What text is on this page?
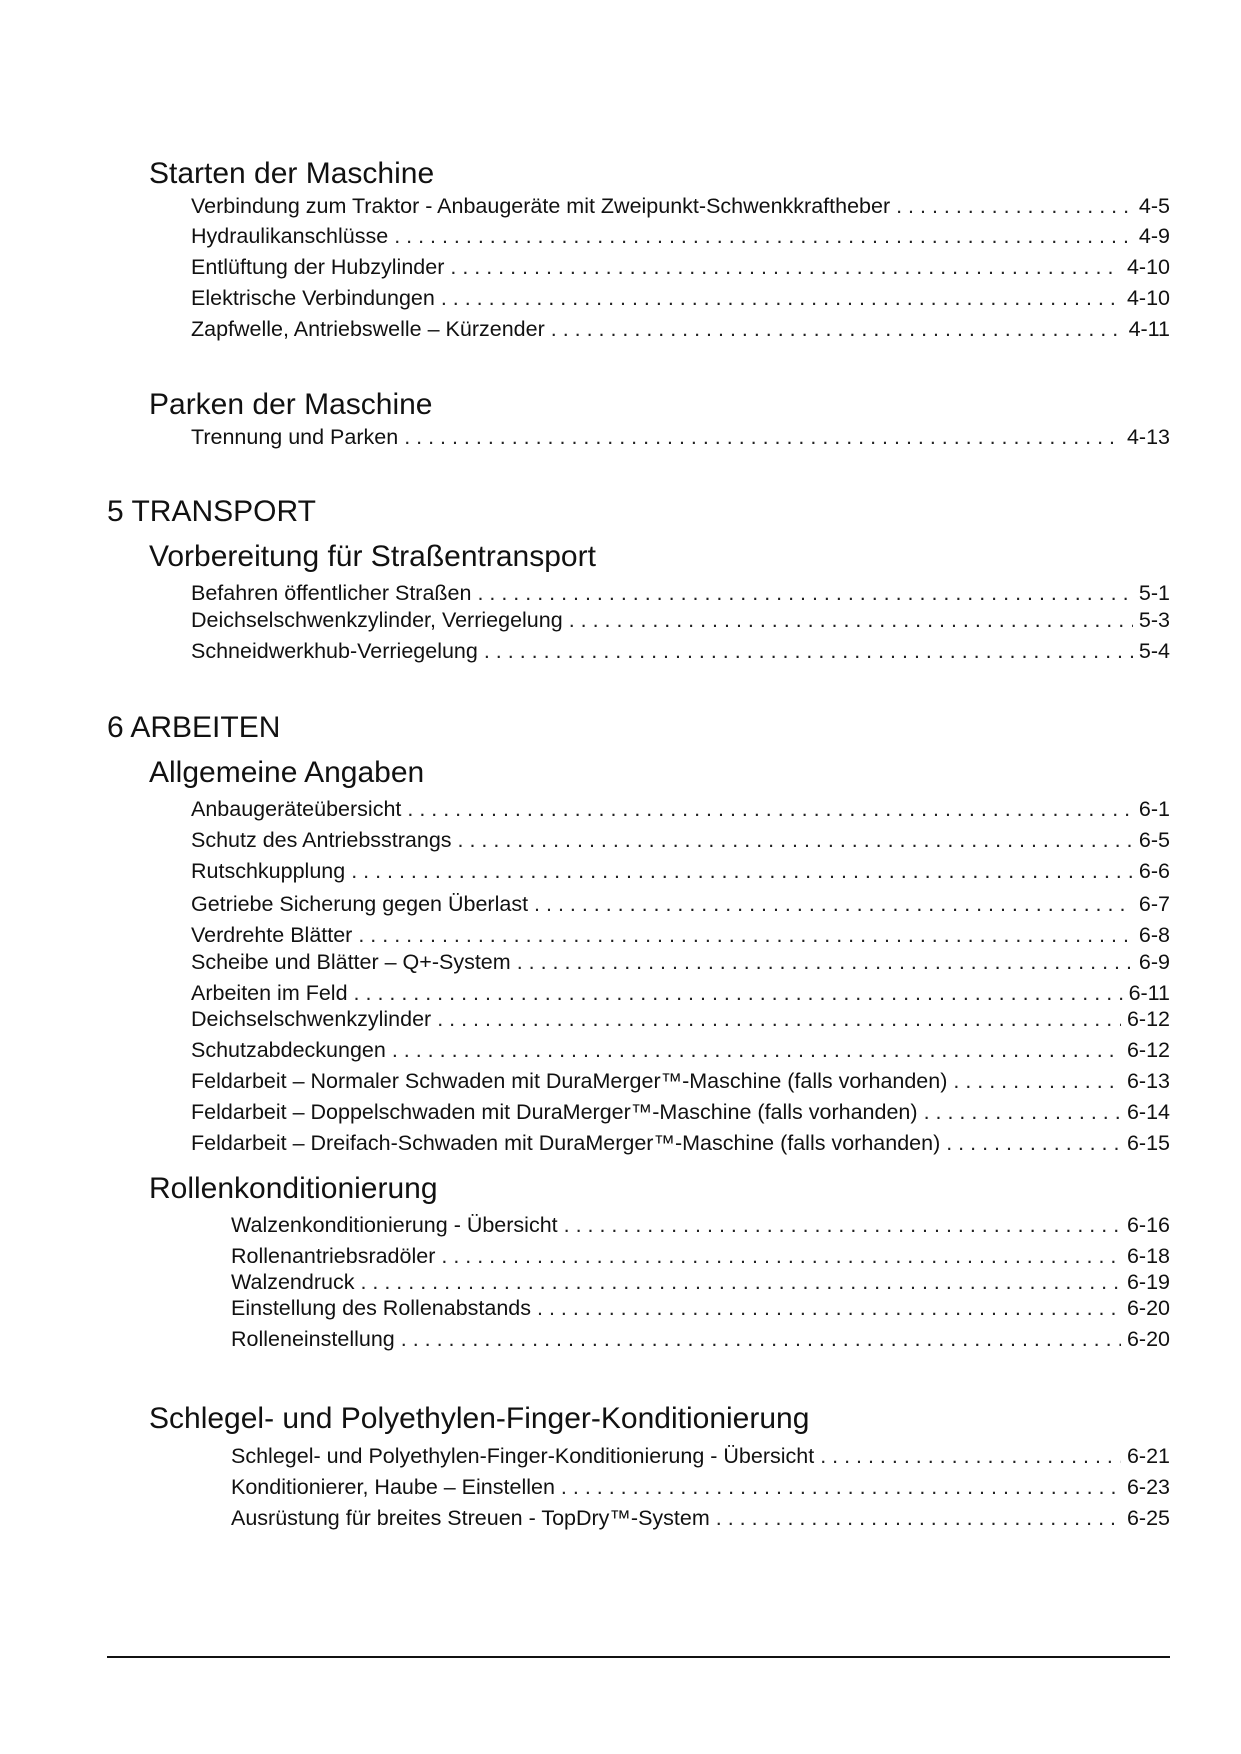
Starten der Maschine
Verbindung zum Traktor - Anbaugeräte mit Zweipunkt-Schwenkkraftheber . . .	4-5
Hydraulikanschlüsse . . .	4-9
Entlüftung der Hubzylinder . . .	4-10
Elektrische Verbindungen . . .	4-10
Zapfwelle, Antriebswelle – Kürzender . . .	4-11
Parken der Maschine
Trennung und Parken . . .	4-13
5 TRANSPORT
Vorbereitung für Straßentransport
Befahren öffentlicher Straßen . . .	5-1
Deichselschwenkzylinder, Verriegelung . . .	5-3
Schneidwerkhub-Verriegelung . . .	5-4
6 ARBEITEN
Allgemeine Angaben
Anbaugeräteübersicht . . .	6-1
Schutz des Antriebsstrangs . . .	6-5
Rutschkupplung . . .	6-6
Getriebe Sicherung gegen Überlast . . .	6-7
Verdrehte Blätter . . .	6-8
Scheibe und Blätter – Q+-System . . .	6-9
Arbeiten im Feld . . .	6-11
Deichselschwenkzylinder . . .	6-12
Schutzabdeckungen . . .	6-12
Feldarbeit – Normaler Schwaden mit DuraMerger™-Maschine (falls vorhanden) . . .	6-13
Feldarbeit – Doppelschwaden mit DuraMerger™-Maschine (falls vorhanden) . . .	6-14
Feldarbeit – Dreifach-Schwaden mit DuraMerger™-Maschine (falls vorhanden) . . .	6-15
Rollenkonditionierung
Walzenkonditionierung - Übersicht . . .	6-16
Rollenantriebsradöler . . .	6-18
Walzendruck . . .	6-19
Einstellung des Rollenabstands . . .	6-20
Rolleneinstellung . . .	6-20
Schlegel- und Polyethylen-Finger-Konditionierung
Schlegel- und Polyethylen-Finger-Konditionierung - Übersicht . . .	6-21
Konditionierer, Haube – Einstellen . . .	6-23
Ausrüstung für breites Streuen - TopDry™-System . . .	6-25
